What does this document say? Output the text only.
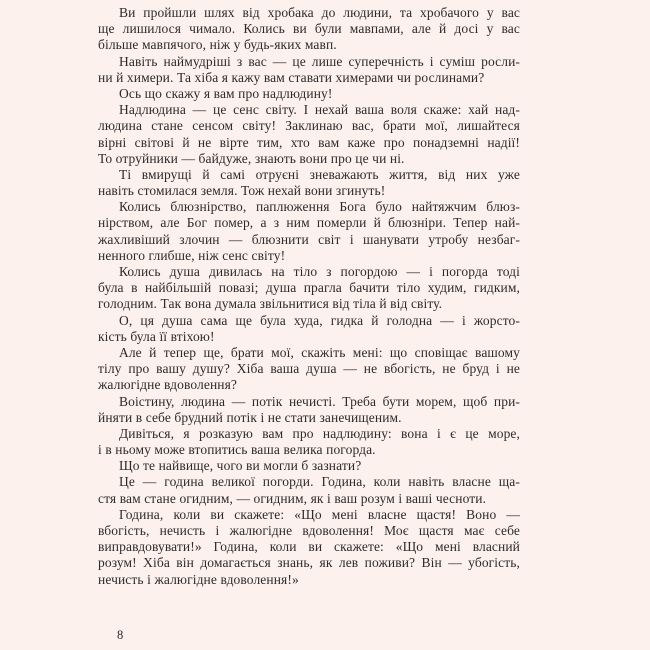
Ви пройшли шлях від хробака до людини, та хробачого у вас
ще лишилося чимало. Колись ви були мавпами, але й досі у вас
більше мавпячого, ніж у будь-яких мавп.
Навіть наймудріші з вас — це лише суперечність і суміш росли-
ни й химери. Та хіба я кажу вам ставати химерами чи рослинами?
Ось що скажу я вам про надлюдину!
Надлюдина — це сенс світу. І нехай ваша воля скаже: хай над-
людина стане сенсом світу! Заклинаю вас, брати мої, лишайтеся
вірні світові й не вірте тим, хто вам каже про понадземні надії!
То отруйники — байдуже, знають вони про це чи ні.
Ті вмирущі й самі отруєні зневажають життя, від них уже
навіть стомилася земля. Тож нехай вони згинуть!
Колись блюзнірство, паплюження Бога було найтяжчим блюз-
нірством, але Бог помер, а з ним померли й блюзніри. Тепер най-
жахливіший злочин — блюзнити світ і шанувати утробу незбаг-
ненного глибше, ніж сенс світу!
Колись душа дивилась на тіло з погордою — і погорда тоді
була в найбільшій повазі; душа прагла бачити тіло худим, гидким,
голодним. Так вона думала звільнитися від тіла й від світу.
О, ця душа сама ще була худа, гидка й голодна — і жорсто-
кість була її втіхою!
Але й тепер ще, брати мої, скажіть мені: що сповіщає вашому
тілу про вашу душу? Хіба ваша душа — не вбогість, не бруд і не
жалюгідне вдоволення?
Воістину, людина — потік нечисті. Треба бути морем, щоб при-
йняти в себе брудний потік і не стати занечищеним.
Дивіться, я розказую вам про надлюдину: вона і є це море,
і в ньому може втопитись ваша велика погорда.
Що те найвище, чого ви могли б зазнати?
Це — година великої погорди. Година, коли навіть власне ща-
стя вам стане огидним, — огидним, як і ваш розум і ваші чесноти.
Година, коли ви скажете: «Що мені власне щастя! Воно —
вбогість, нечисть і жалюгідне вдоволення! Моє щастя має себе
виправдовувати!» Година, коли ви скажете: «Що мені власний
розум! Хіба він домагається знань, як лев поживи? Він — убогість,
нечисть і жалюгідне вдоволення!»
8
